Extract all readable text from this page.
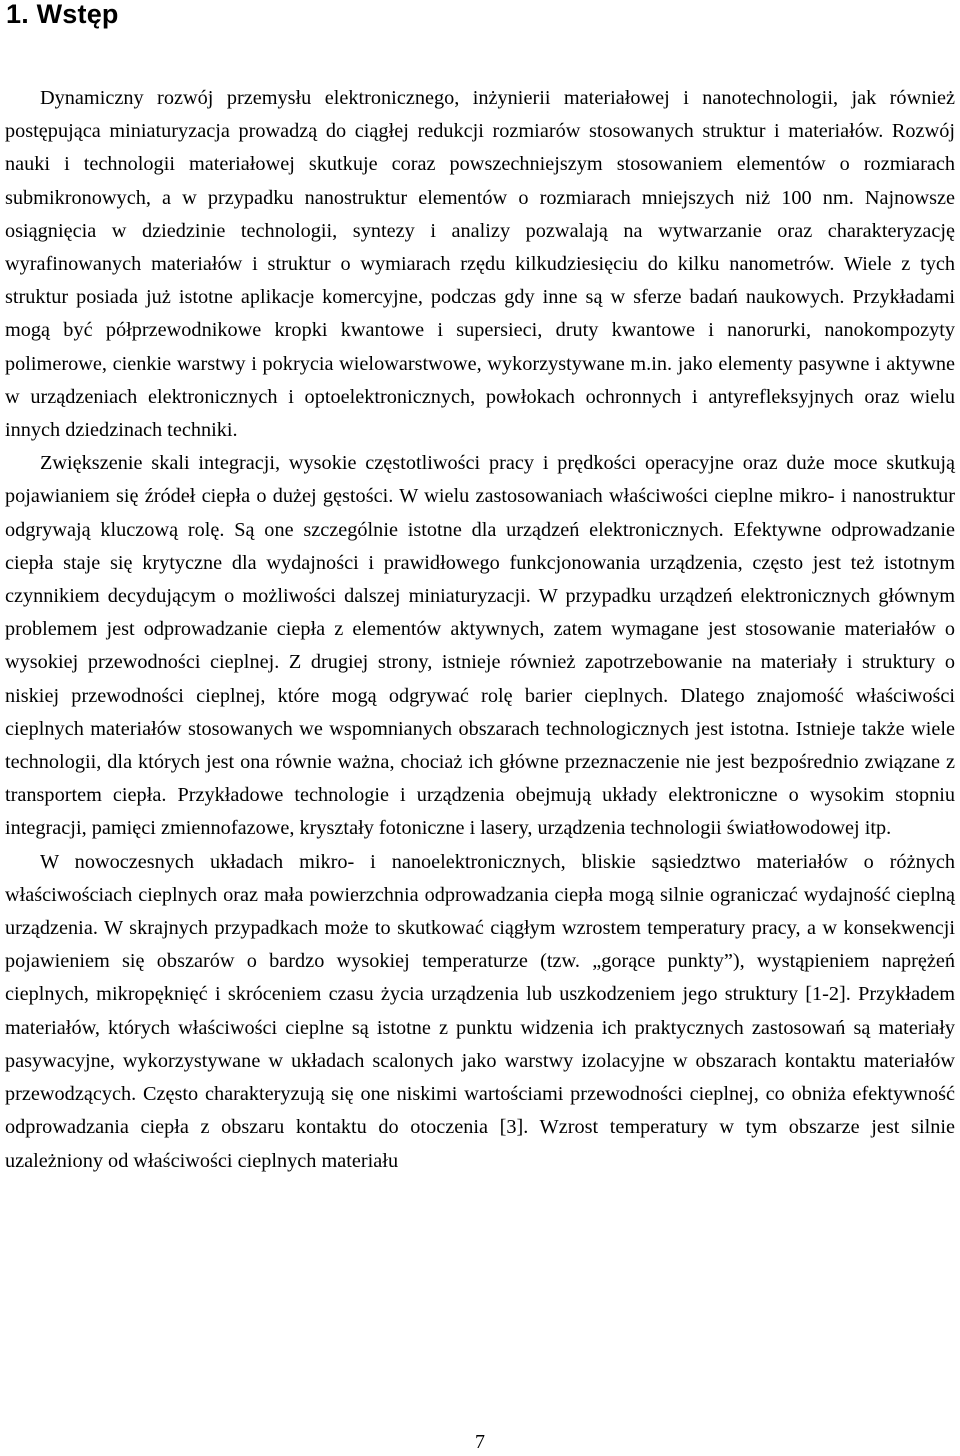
1. Wstęp

Dynamiczny rozwój przemysłu elektronicznego, inżynierii materiałowej i nanotechnologii, jak również postępująca miniaturyzacja prowadzą do ciągłej redukcji rozmiarów stosowanych struktur i materiałów. Rozwój nauki i technologii materiałowej skutkuje coraz powszechniejszym stosowaniem elementów o rozmiarach submikronowych, a w przypadku nanostruktur elementów o rozmiarach mniejszych niż 100 nm. Najnowsze osiągnięcia w dziedzinie technologii, syntezy i analizy pozwalają na wytwarzanie oraz charakteryzację wyrafinowanych materiałów i struktur o wymiarach rzędu kilkudziesięciu do kilku nanometrów. Wiele z tych struktur posiada już istotne aplikacje komercyjne, podczas gdy inne są w sferze badań naukowych. Przykładami mogą być półprzewodnikowe kropki kwantowe i supersieci, druty kwantowe i nanorurki, nanokompozyty polimerowe, cienkie warstwy i pokrycia wielowarstwowe, wykorzystywane m.in. jako elementy pasywne i aktywne w urządzeniach elektronicznych i optoelektronicznych, powłokach ochronnych i antyrefleksyjnych oraz wielu innych dziedzinach techniki.

Zwiększenie skali integracji, wysokie częstotliwości pracy i prędkości operacyjne oraz duże moce skutkują pojawianiem się źródeł ciepła o dużej gęstości. W wielu zastosowaniach właściwości cieplne mikro- i nanostruktur odgrywają kluczową rolę. Są one szczególnie istotne dla urządzeń elektronicznych. Efektywne odprowadzanie ciepła staje się krytyczne dla wydajności i prawidłowego funkcjonowania urządzenia, często jest też istotnym czynnikiem decydującym o możliwości dalszej miniaturyzacji. W przypadku urządzeń elektronicznych głównym problemem jest odprowadzanie ciepła z elementów aktywnych, zatem wymagane jest stosowanie materiałów o wysokiej przewodności cieplnej. Z drugiej strony, istnieje również zapotrzebowanie na materiały i struktury o niskiej przewodności cieplnej, które mogą odgrywać rolę barier cieplnych. Dlatego znajomość właściwości cieplnych materiałów stosowanych we wspomnianych obszarach technologicznych jest istotna. Istnieje także wiele technologii, dla których jest ona równie ważna, chociaż ich główne przeznaczenie nie jest bezpośrednio związane z transportem ciepła. Przykładowe technologie i urządzenia obejmują układy elektroniczne o wysokim stopniu integracji, pamięci zmiennofazowe, kryształy fotoniczne i lasery, urządzenia technologii światłowodowej itp.

W nowoczesnych układach mikro- i nanoelektronicznych, bliskie sąsiedztwo materiałów o różnych właściwościach cieplnych oraz mała powierzchnia odprowadzania ciepła mogą silnie ograniczać wydajność cieplną urządzenia. W skrajnych przypadkach może to skutkować ciągłym wzrostem temperatury pracy, a w konsekwencji pojawieniem się obszarów o bardzo wysokiej temperaturze (tzw. „gorące punkty”), wystąpieniem naprężeń cieplnych, mikropęknięć i skróceniem czasu życia urządzenia lub uszkodzeniem jego struktury [1-2]. Przykładem materiałów, których właściwości cieplne są istotne z punktu widzenia ich praktycznych zastosowań są materiały pasywacyjne, wykorzystywane w układach scalonych jako warstwy izolacyjne w obszarach kontaktu materiałów przewodzących. Często charakteryzują się one niskimi wartościami przewodności cieplnej, co obniża efektywność odprowadzania ciepła z obszaru kontaktu do otoczenia [3]. Wzrost temperatury w tym obszarze jest silnie uzależniony od właściwości cieplnych materiału

7
